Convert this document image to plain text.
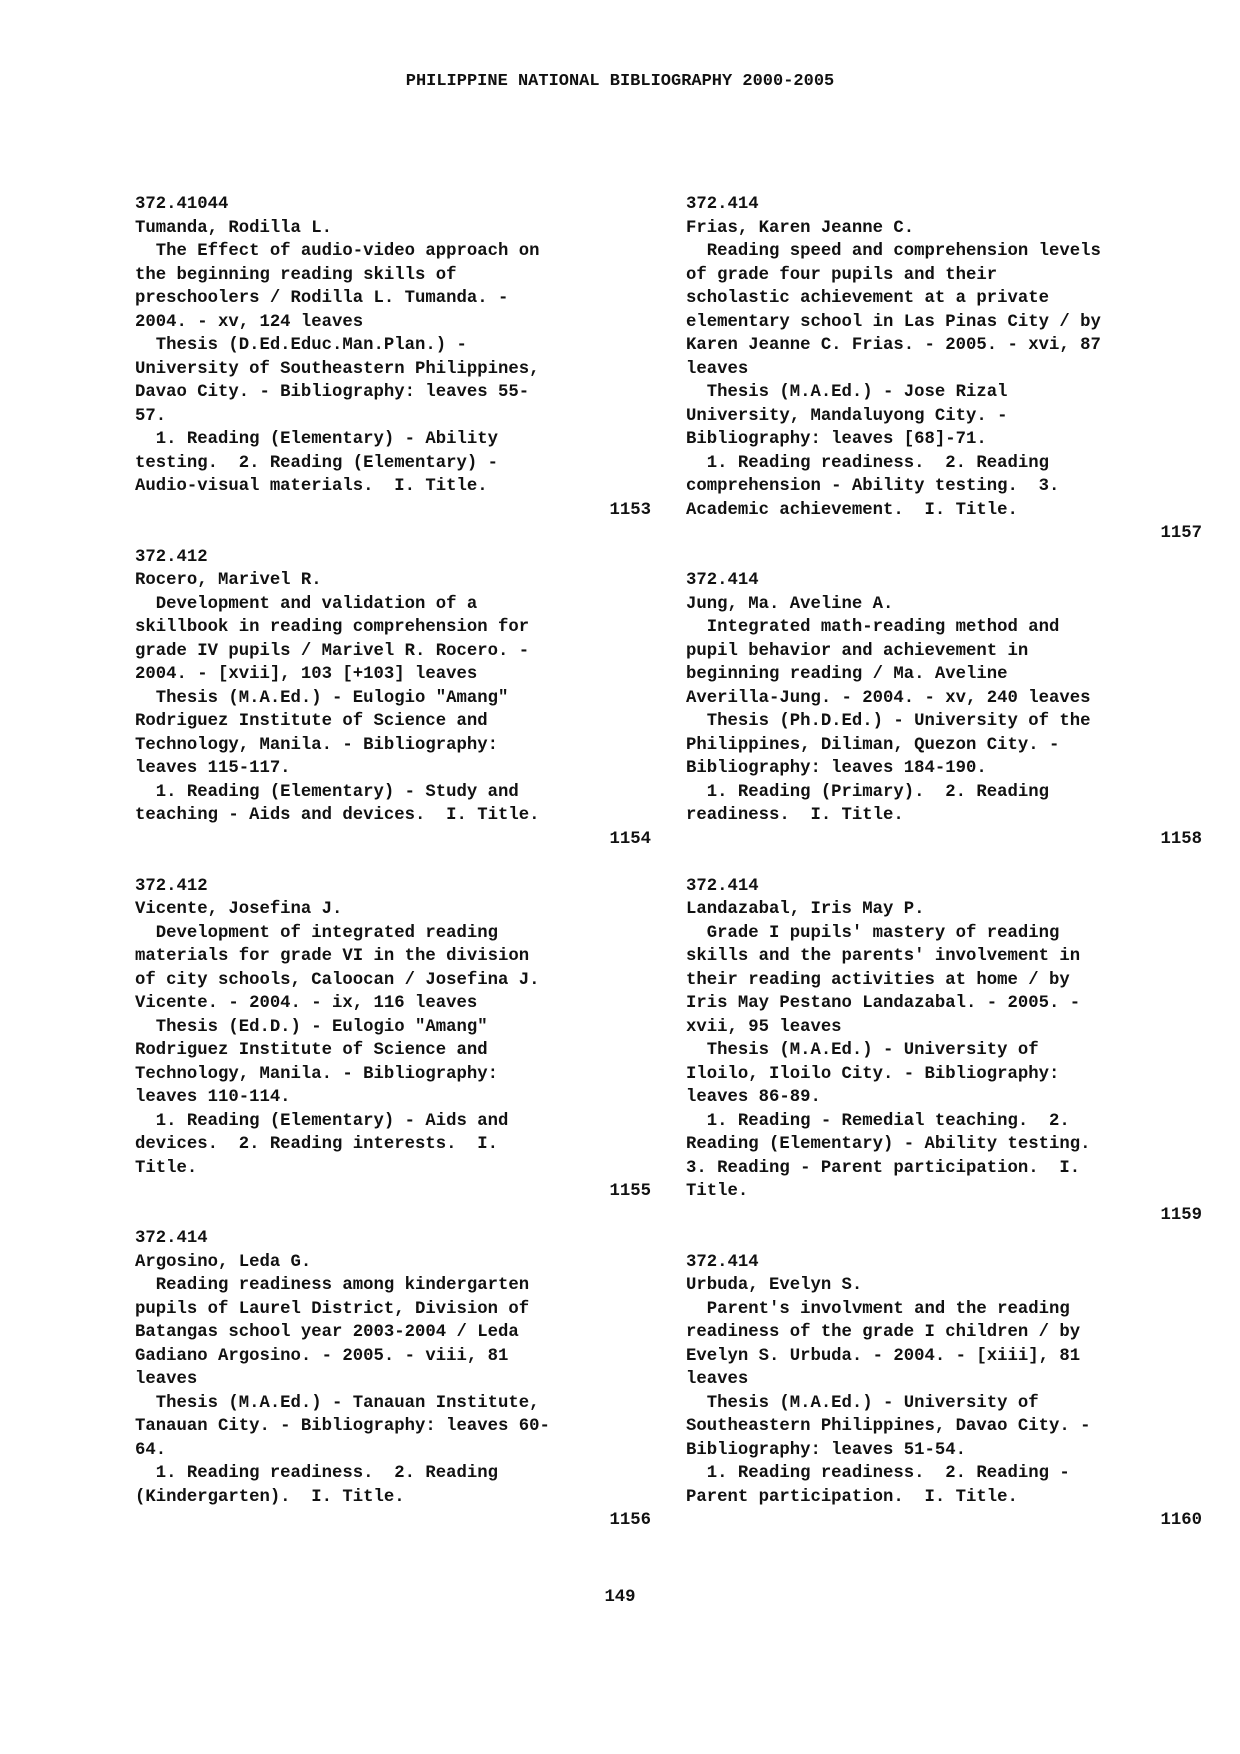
PHILIPPINE NATIONAL BIBLIOGRAPHY 2000-2005
372.41044
Tumanda, Rodilla L.
The Effect of audio-video approach on
the beginning reading skills of
preschoolers / Rodilla L. Tumanda. -
2004. - xv, 124 leaves
Thesis (D.Ed.Educ.Man.Plan.) -
University of Southeastern Philippines,
Davao City. - Bibliography: leaves 55-
57.
1. Reading (Elementary) - Ability
testing.  2. Reading (Elementary) -
Audio-visual materials.  I. Title.
1153
372.412
Rocero, Marivel R.
Development and validation of a
skillbook in reading comprehension for
grade IV pupils / Marivel R. Rocero. -
2004. - [xvii], 103 [+103] leaves
Thesis (M.A.Ed.) - Eulogio "Amang"
Rodriguez Institute of Science and
Technology, Manila. - Bibliography:
leaves 115-117.
1. Reading (Elementary) - Study and
teaching - Aids and devices.  I. Title.
1154
372.412
Vicente, Josefina J.
Development of integrated reading
materials for grade VI in the division
of city schools, Caloocan / Josefina J.
Vicente. - 2004. - ix, 116 leaves
Thesis (Ed.D.) - Eulogio "Amang"
Rodriguez Institute of Science and
Technology, Manila. - Bibliography:
leaves 110-114.
1. Reading (Elementary) - Aids and
devices.  2. Reading interests.  I.
Title.
1155
372.414
Argosino, Leda G.
Reading readiness among kindergarten
pupils of Laurel District, Division of
Batangas school year 2003-2004 / Leda
Gadiano Argosino. - 2005. - viii, 81
leaves
Thesis (M.A.Ed.) - Tanauan Institute,
Tanauan City. - Bibliography: leaves 60-
64.
1. Reading readiness.  2. Reading
(Kindergarten).  I. Title.
1156
372.414
Frias, Karen Jeanne C.
Reading speed and comprehension levels
of grade four pupils and their
scholastic achievement at a private
elementary school in Las Pinas City / by
Karen Jeanne C. Frias. - 2005. - xvi, 87
leaves
Thesis (M.A.Ed.) - Jose Rizal
University, Mandaluyong City. -
Bibliography: leaves [68]-71.
1. Reading readiness.  2. Reading
comprehension - Ability testing.  3.
Academic achievement.  I. Title.
1157
372.414
Jung, Ma. Aveline A.
Integrated math-reading method and
pupil behavior and achievement in
beginning reading / Ma. Aveline
Averilla-Jung. - 2004. - xv, 240 leaves
Thesis (Ph.D.Ed.) - University of the
Philippines, Diliman, Quezon City. -
Bibliography: leaves 184-190.
1. Reading (Primary).  2. Reading
readiness.  I. Title.
1158
372.414
Landazabal, Iris May P.
Grade I pupils' mastery of reading
skills and the parents' involvement in
their reading activities at home / by
Iris May Pestano Landazabal. - 2005. -
xvii, 95 leaves
Thesis (M.A.Ed.) - University of
Iloilo, Iloilo City. - Bibliography:
leaves 86-89.
1. Reading - Remedial teaching.  2.
Reading (Elementary) - Ability testing.
3. Reading - Parent participation.  I.
Title.
1159
372.414
Urbuda, Evelyn S.
Parent's involvment and the reading
readiness of the grade I children / by
Evelyn S. Urbuda. - 2004. - [xiii], 81
leaves
Thesis (M.A.Ed.) - University of
Southeastern Philippines, Davao City. -
Bibliography: leaves 51-54.
1. Reading readiness.  2. Reading -
Parent participation.  I. Title.
1160
149
